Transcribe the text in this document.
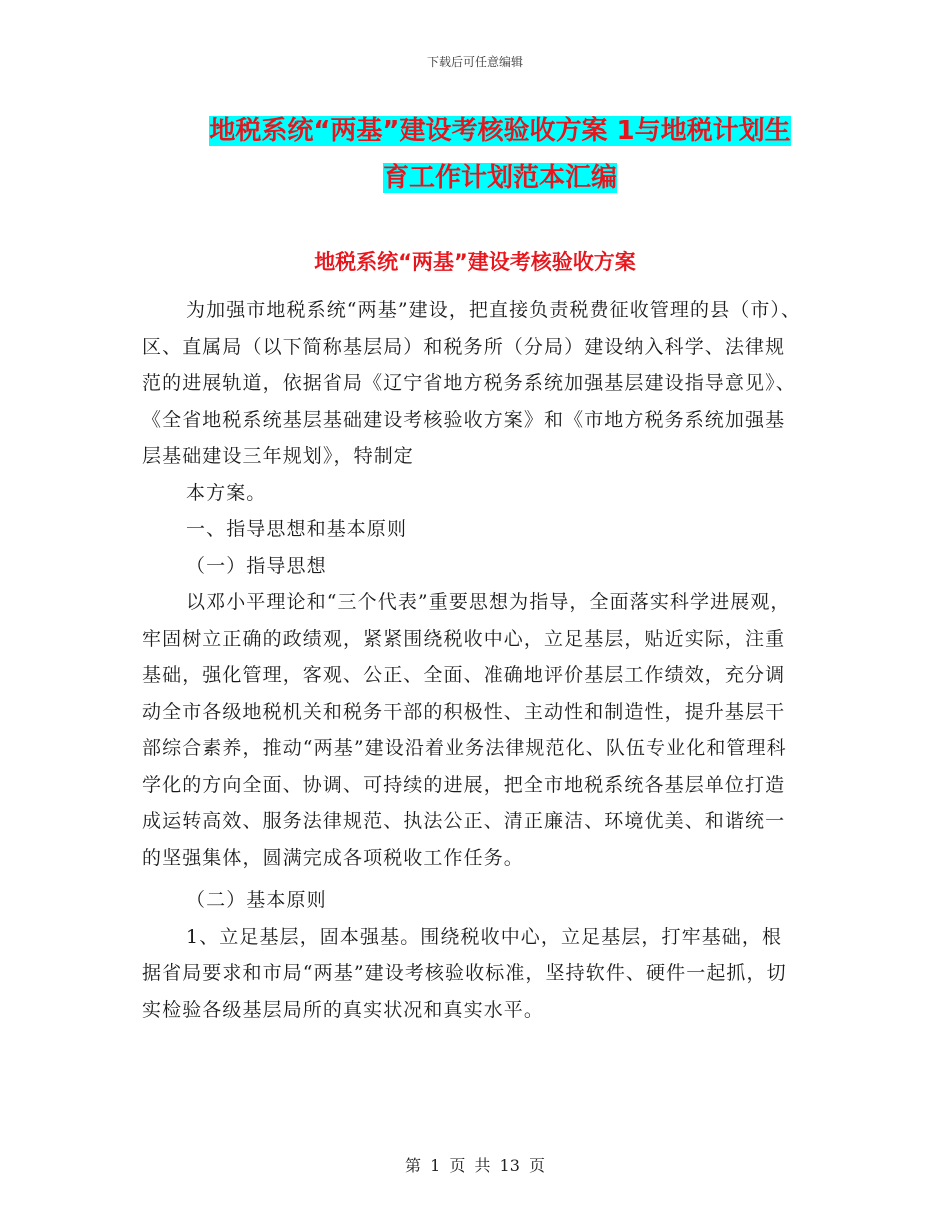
下载后可任意编辑
地税系统“两基”建设考核验收方案 1与地税计划生
育工作计划范本汇编
地税系统“两基”建设考核验收方案

为加强市地税系统“两基”建设，把直接负责税费征收管理的县（市）、区、直属局（以下简称基层局）和税务所（分局）建设纳入科学、法律规范的进展轨道，依据省局《辽宁省地方税务系统加强基层建设指导意见》、《全省地税系统基层基础建设考核验收方案》和《市地方税务系统加强基层基础建设三年规划》，特制定

本方案。

一、指导思想和基本原则

（一）指导思想

以邓小平理论和“三个代表”重要思想为指导，全面落实科学进展观，牢固树立正确的政绩观，紧紧围绕税收中心，立足基层，贴近实际，注重基础，强化管理，客观、公正、全面、准确地评价基层工作绩效，充分调动全市各级地税机关和税务干部的积极性、主动性和制造性，提升基层干部综合素养，推动“两基”建设沿着业务法律规范化、队伍专业化和管理科学化的方向全面、协调、可持续的进展，把全市地税系统各基层单位打造成运转高效、服务法律规范、执法公正、清正廉洁、环境优美、和谐统一的坚强集体，圆满完成各项税收工作任务。

（二）基本原则

1、立足基层，固本强基。围绕税收中心，立足基层，打牢基础，根据省局要求和市局“两基”建设考核验收标准，坚持软件、硬件一起抓，切实检验各级基层局所的真实状况和真实水平。

第 1 页 共 13 页
